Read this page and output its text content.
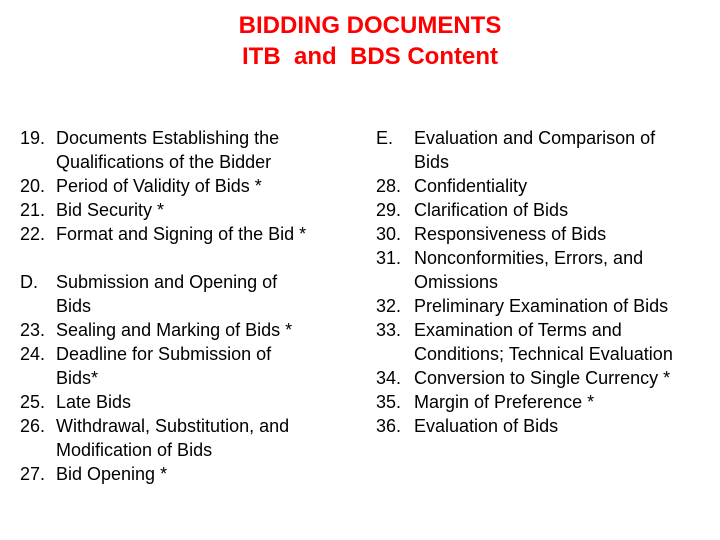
BIDDING DOCUMENTS
ITB  and  BDS Content
19. Documents Establishing the
Qualifications of the Bidder
20. Period of Validity of Bids *
21. Bid Security *
22. Format and Signing of the Bid *
D.	Submission and Opening of
Bids
23. Sealing and Marking of Bids *
24. Deadline for Submission of
Bids*
25. Late Bids
26. Withdrawal, Substitution, and
Modification of Bids
27. Bid Opening *
E.	Evaluation and Comparison of
Bids
28. Confidentiality
29. Clarification of Bids
30. Responsiveness of Bids
31. Nonconformities, Errors, and
Omissions
32. Preliminary Examination of Bids
33. Examination of Terms and
Conditions; Technical Evaluation
34. Conversion to Single Currency *
35. Margin of Preference *
36. Evaluation of Bids
